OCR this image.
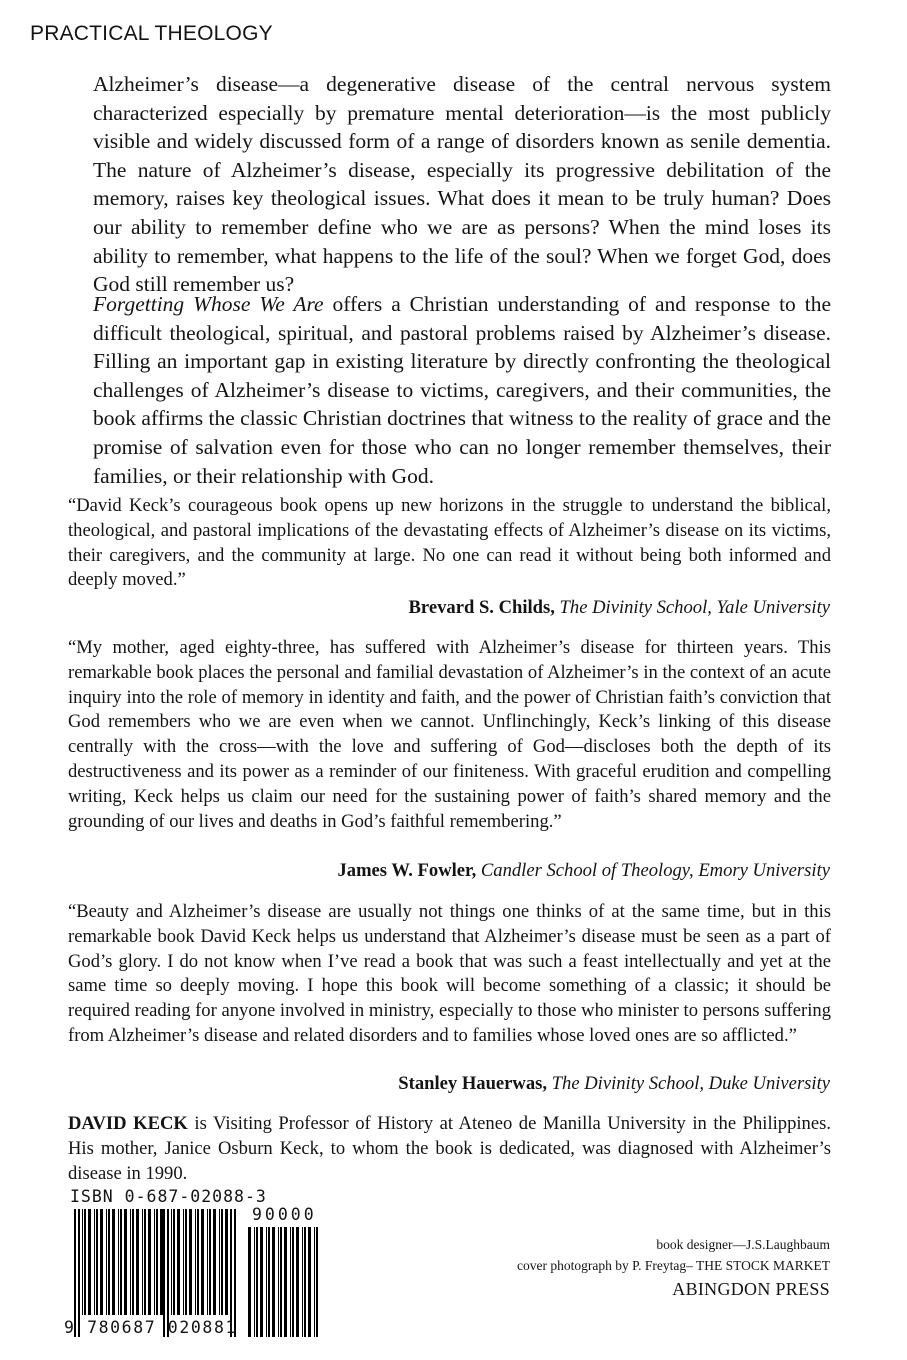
PRACTICAL THEOLOGY

Alzheimer’s disease—a degenerative disease of the central nervous system characterized especially by premature mental deterioration—is the most publicly visible and widely discussed form of a range of disorders known as senile dementia. The nature of Alzheimer’s disease, especially its progressive debilitation of the memory, raises key theological issues. What does it mean to be truly human? Does our ability to remember define who we are as persons? When the mind loses its ability to remember, what happens to the life of the soul? When we forget God, does God still remember us?

Forgetting Whose We Are offers a Christian understanding of and response to the difficult theological, spiritual, and pastoral problems raised by Alzheimer’s disease. Filling an important gap in existing literature by directly confronting the theological challenges of Alzheimer’s disease to victims, caregivers, and their communities, the book affirms the classic Christian doctrines that witness to the reality of grace and the promise of salvation even for those who can no longer remember themselves, their families, or their relationship with God.

“David Keck’s courageous book opens up new horizons in the struggle to understand the biblical, theological, and pastoral implications of the devastating effects of Alzheimer’s disease on its victims, their caregivers, and the community at large. No one can read it without being both informed and deeply moved.”

Brevard S. Childs, The Divinity School, Yale University

“My mother, aged eighty-three, has suffered with Alzheimer’s disease for thirteen years. This remarkable book places the personal and familial devastation of Alzheimer’s in the context of an acute inquiry into the role of memory in identity and faith, and the power of Christian faith’s conviction that God remembers who we are even when we cannot. Unflinchingly, Keck’s linking of this disease centrally with the cross—with the love and suffering of God—discloses both the depth of its destructiveness and its power as a reminder of our finiteness. With graceful erudition and compelling writing, Keck helps us claim our need for the sustaining power of faith’s shared memory and the grounding of our lives and deaths in God’s faithful remembering.”

James W. Fowler, Candler School of Theology, Emory University

“Beauty and Alzheimer’s disease are usually not things one thinks of at the same time, but in this remarkable book David Keck helps us understand that Alzheimer’s disease must be seen as a part of God’s glory. I do not know when I’ve read a book that was such a feast intellectually and yet at the same time so deeply moving. I hope this book will become something of a classic; it should be required reading for anyone involved in ministry, especially to those who minister to persons suffering from Alzheimer’s disease and related disorders and to families whose loved ones are so afflicted.”

Stanley Hauerwas, The Divinity School, Duke University

DAVID KECK is Visiting Professor of History at Ateneo de Manilla University in the Philippines. His mother, Janice Osburn Keck, to whom the book is dedicated, was diagnosed with Alzheimer’s disease in 1990.

ISBN 0-687-02088-3
90000
9 780687 020881
book designer—J.S.Laughbaum
cover photograph by P. Freytag– THE STOCK MARKET
ABINGDON PRESS
